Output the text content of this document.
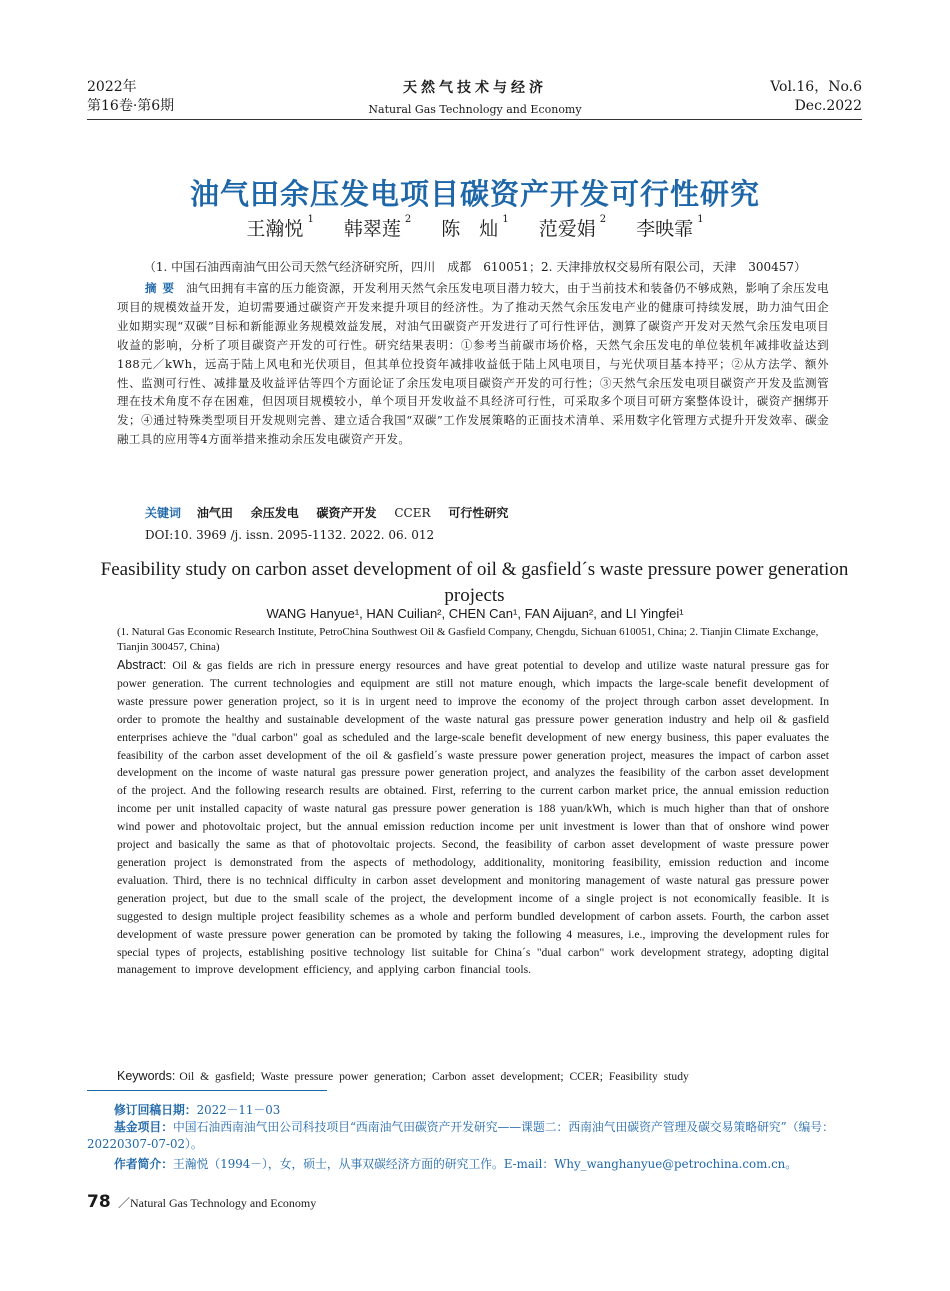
2022年
第16卷·第6期
天然气技术与经济
Natural Gas Technology and Economy
Vol.16，No.6
Dec.2022
油气田余压发电项目碳资产开发可行性研究
王瀚悦 $^1$ 韩翠莲 $^2$ 陈　灿 $^1$ 范爱娟 $^2$ 李映霏 $^1$
（1. 中国石油西南油气田公司天然气经济研究所，四川　成都　610051；2. 天津排放权交易所有限公司，天津　300457）
摘要 油气田拥有丰富的压力能资源，开发利用天然气余压发电项目潜力较大，由于当前技术和装备仍不够成熟，影响了余压发电项目的规模效益开发，迫切需要通过碳资产开发来提升项目的经济性。为了推动天然气余压发电产业的健康可持续发展，助力油气田企业如期实现“双碳”目标和新能源业务规模效益发展，对油气田碳资产开发进行了可行性评估，测算了碳资产开发对天然气余压发电项目收益的影响，分析了项目碳资产开发的可行性。研究结果表明：①参考当前碳市场价格，天然气余压发电的单位装机年减排收益达到188元／kWh，远高于陆上风电和光伏项目，但其单位投资年减排收益低于陆上风电项目，与光伏项目基本持平；②从方法学、额外性、监测可行性、减排量及收益评估等四个方面论证了余压发电项目碳资产开发的可行性；③天然气余压发电项目碳资产开发及监测管理在技术角度不存在困难，但因项目规模较小，单个项目开发收益不具经济可行性，可采取多个项目可研方案整体设计，碳资产捆绑开发；④通过特殊类型项目开发规则完善、建立适合我国“双碳”工作发展策略的正面技术清单、采用数字化管理方式提升开发效率、碳金融工具的应用等4方面举措来推动余压发电碳资产开发。
关键词 油气田 余压发电 碳资产开发 CCER 可行性研究
DOI:10. 3969 /j. issn. 2095-1132. 2022. 06. 012
Feasibility study on carbon asset development of oil & gasfield´s waste pressure power generation projects
WANG Hanyue¹, HAN Cuilian², CHEN Can¹, FAN Aijuan², and LI Yingfei¹
(1. Natural Gas Economic Research Institute, PetroChina Southwest Oil & Gasfield Company, Chengdu, Sichuan 610051, China; 2. Tianjin Climate Exchange, Tianjin 300457, China)
Abstract: Oil & gas fields are rich in pressure energy resources and have great potential to develop and utilize waste natural pressure gas for power generation. The current technologies and equipment are still not mature enough, which impacts the large-scale benefit development of waste pressure power generation project, so it is in urgent need to improve the economy of the project through carbon asset development. In order to promote the healthy and sustainable development of the waste natural gas pressure power generation industry and help oil & gasfield enterprises achieve the "dual carbon" goal as scheduled and the large-scale benefit development of new energy business, this paper evaluates the feasibility of the carbon asset development of the oil & gasfield´s waste pressure power generation project, measures the impact of carbon asset development on the income of waste natural gas pressure power generation project, and analyzes the feasibility of the carbon asset development of the project. And the following research results are obtained. First, referring to the current carbon market price, the annual emission reduction income per unit installed capacity of waste natural gas pressure power generation is 188 yuan/kWh, which is much higher than that of onshore wind power and photovoltaic project, but the annual emission reduction income per unit investment is lower than that of onshore wind power project and basically the same as that of photovoltaic projects. Second, the feasibility of carbon asset development of waste pressure power generation project is demonstrated from the aspects of methodology, additionality, monitoring feasibility, emission reduction and income evaluation. Third, there is no technical difficulty in carbon asset development and monitoring management of waste natural gas pressure power generation project, but due to the small scale of the project, the development income of a single project is not economically feasible. It is suggested to design multiple project feasibility schemes as a whole and perform bundled development of carbon assets. Fourth, the carbon asset development of waste pressure power generation can be promoted by taking the following 4 measures, i.e., improving the development rules for special types of projects, establishing positive technology list suitable for China´s "dual carbon" work development strategy, adopting digital management to improve development efficiency, and applying carbon financial tools.
Keywords: Oil & gasfield; Waste pressure power generation; Carbon asset development; CCER; Feasibility study
修订回稿日期：2022－11－03
基金项目：中国石油西南油气田公司科技项目“西南油气田碳资产开发研究——课题二：西南油气田碳资产管理及碳交易策略研究”（编号：20220307-07-02）。
作者简介：王瀚悦（1994－），女，硕士，从事双碳经济方面的研究工作。E-mail：Why_wanghanyue@petrochina.com.cn。
78 ／Natural Gas Technology and Economy
